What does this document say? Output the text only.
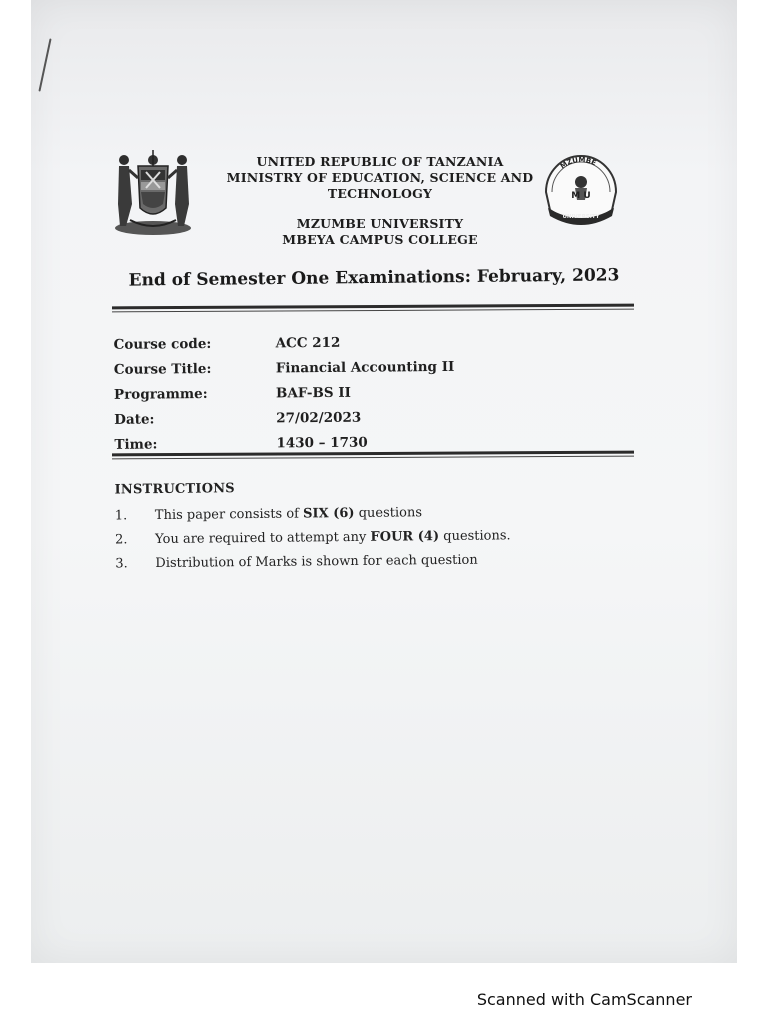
UNITED REPUBLIC OF TANZANIA
MINISTRY OF EDUCATION, SCIENCE AND
TECHNOLOGY
MZUMBE UNIVERSITY
MBEYA CAMPUS COLLEGE
MZUMBE
M U
UNIVERSITY
End of Semester One Examinations: February, 2023
Course code:	ACC 212
Course Title:	Financial Accounting II
Programme:	BAF-BS II
Date:	27/02/2023
Time:	1430 – 1730
INSTRUCTIONS
1.	This paper consists of SIX (6) questions
2.	You are required to attempt any FOUR (4) questions.
3.	Distribution of Marks is shown for each question
Scanned with CamScanner
